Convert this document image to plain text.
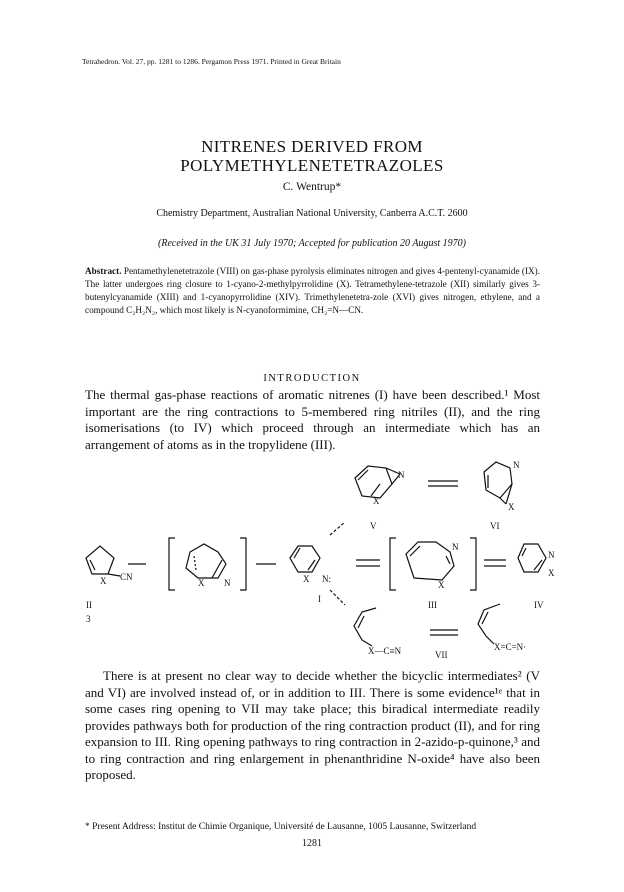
Tetrahedron. Vol. 27, pp. 1281 to 1286. Pergamon Press 1971. Printed in Great Britain
NITRENES DERIVED FROM
POLYMETHYLENETETRAZOLES
C. Wentrup*
Chemistry Department, Australian National University, Canberra A.C.T. 2600
(Received in the UK 31 July 1970; Accepted for publication 20 August 1970)
Abstract. Pentamethylenetetrazole (VIII) on gas-phase pyrolysis eliminates nitrogen and gives 4-pentenyl-cyanamide (IX). The latter undergoes ring closure to 1-cyano-2-methylpyrrolidine (X). Tetramethylene-tetrazole (XII) similarly gives 3-butenylcyanamide (XIII) and 1-cyanopyrrolidine (XIV). Trimethylenetetra-zole (XVI) gives nitrogen, ethylene, and a compound C₂H₂N₂, which most likely is N-cyanoformimine, CH₂=N—CN.
INTRODUCTION
The thermal gas-phase reactions of aromatic nitrenes (I) have been described.¹ Most important are the ring contractions to 5-membered ring nitriles (II), and the ring isomerisations (to IV) which proceed through an intermediate which has an arrangement of atoms as in the tropylidene (III).
N
X
N
X
X CN
X N	X N:
N
X
N
X
X—C≡N	X=C=N·
V	VI
II
3
I
III	IV
VII
There is at present no clear way to decide whether the bicyclic intermediates² (V and VI) are involved instead of, or in addition to III. There is some evidence¹ᵉ that in some cases ring opening to VII may take place; this biradical intermediate readily provides pathways both for production of the ring contraction product (II), and for ring expansion to III. Ring opening pathways to ring contraction in 2-azido-p-quinone,³ and to ring contraction and ring enlargement in phenanthridine N-oxide⁴ have also been proposed.
* Present Address: Institut de Chimie Organique, Université de Lausanne, 1005 Lausanne, Switzerland
1281
